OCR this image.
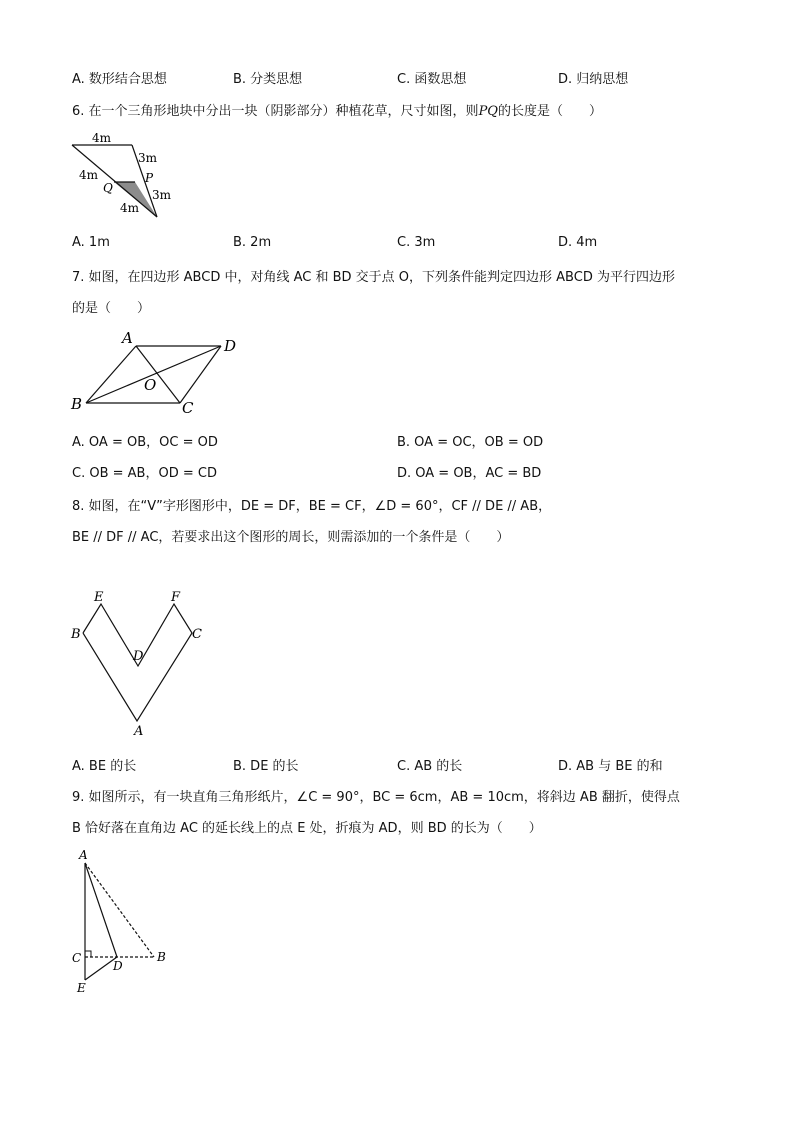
A. 数形结合思想	B. 分类思想	C. 函数思想	D. 归纳思想
6. 在一个三角形地块中分出一块（阴影部分）种植花草，尺寸如图，则PQ的长度是（　　）
4m
3m
4m
Q
P
3m
4m
A. 1m	B. 2m	C. 3m	D. 4m
7. 如图，在四边形 ABCD 中，对角线 AC 和 BD 交于点 O，下列条件能判定四边形 ABCD 为平行四边形
的是（　　）
A	D
O
B	C
A. OA = OB，OC = OD	B. OA = OC，OB = OD
C. OB = AB，OD = CD	D. OA = OB，AC = BD
8. 如图，在“V”字形图形中，DE = DF，BE = CF，∠D = 60°，CF // DE // AB，
BE // DF // AC，若要求出这个图形的周长，则需添加的一个条件是（　　）
E	F
B	C
D
A
A. BE 的长	B. DE 的长	C. AB 的长	D. AB 与 BE 的和
9. 如图所示，有一块直角三角形纸片，∠C = 90°，BC = 6cm，AB = 10cm，将斜边 AB 翻折，使得点
B 恰好落在直角边 AC 的延长线上的点 E 处，折痕为 AD，则 BD 的长为（　　）
A
C
D
B
E
